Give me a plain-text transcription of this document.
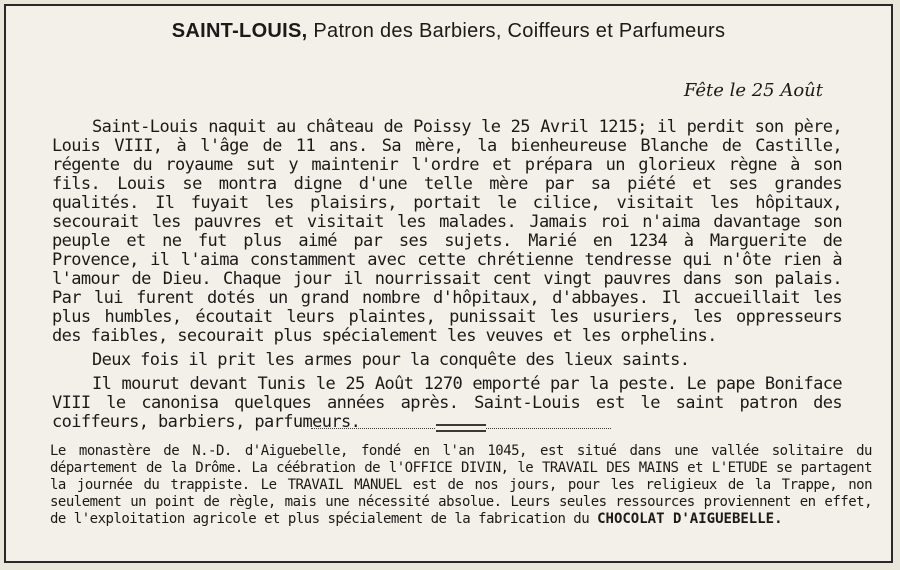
SAINT-LOUIS, Patron des Barbiers, Coiffeurs et Parfumeurs
Fête le 25 Août

Saint-Louis naquit au château de Poissy le 25 Avril 1215; il perdit son père, Louis VIII, à l'âge de 11 ans. Sa mère, la bienheureuse Blanche de Castille, régente du royaume sut y maintenir l'ordre et prépara un glorieux règne à son fils. Louis se montra digne d'une telle mère par sa piété et ses grandes qualités. Il fuyait les plaisirs, portait le cilice, visitait les hôpitaux, secourait les pauvres et visitait les malades. Jamais roi n'aima davantage son peuple et ne fut plus aimé par ses sujets. Marié en 1234 à Marguerite de Provence, il l'aima constamment avec cette chrétienne tendresse qui n'ôte rien à l'amour de Dieu. Chaque jour il nourrissait cent vingt pauvres dans son palais. Par lui furent dotés un grand nombre d'hôpitaux, d'abbayes. Il accueillait les plus humbles, écoutait leurs plaintes, punissait les usuriers, les oppresseurs des faibles, secourait plus spécialement les veuves et les orphelins.

Deux fois il prit les armes pour la conquête des lieux saints.

Il mourut devant Tunis le 25 Août 1270 emporté par la peste. Le pape Boniface VIII le canonisa quelques années après. Saint-Louis est le saint patron des coiffeurs, barbiers, parfumeurs.

Le monastère de N.-D. d'Aiguebelle, fondé en l'an 1045, est situé dans une vallée solitaire du département de la Drôme. La céébration de l'OFFICE DIVIN, le TRAVAIL DES MAINS et L'ETUDE se partagent la journée du trappiste. Le TRAVAIL MANUEL est de nos jours, pour les religieux de la Trappe, non seulement un point de règle, mais une nécessité absolue. Leurs seules ressources proviennent en effet, de l'exploitation agricole et plus spécialement de la fabrication du CHOCOLAT D'AIGUEBELLE.
